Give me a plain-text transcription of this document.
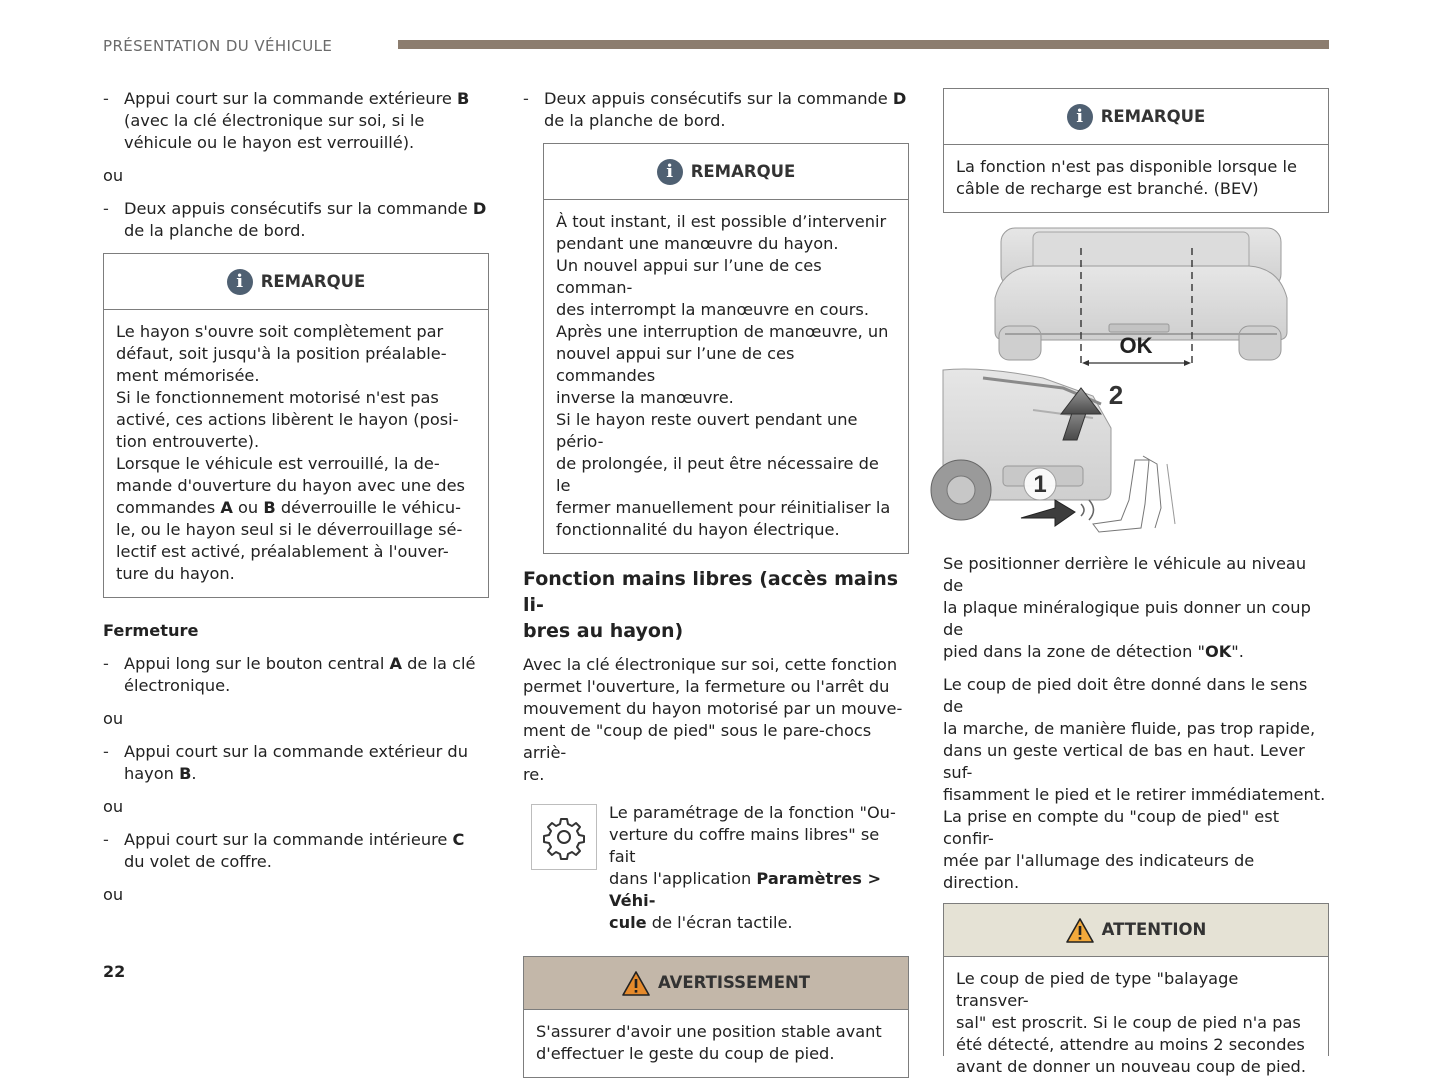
PRÉSENTATION DU VÉHICULE
- Appui court sur la commande extérieure B (avec la clé électronique sur soi, si le véhicule ou le hayon est verrouillé).
ou
- Deux appuis consécutifs sur la commande D de la planche de bord.
i	REMARQUE
Le hayon s'ouvre soit complètement par
défaut, soit jusqu'à la position préalable-
ment mémorisée.
Si le fonctionnement motorisé n'est pas
activé, ces actions libèrent le hayon (posi-
tion entrouverte).
Lorsque le véhicule est verrouillé, la de-
mande d'ouverture du hayon avec une des
commandes A ou B déverrouille le véhicu-
le, ou le hayon seul si le déverrouillage sé-
lectif est activé, préalablement à l'ouver-
ture du hayon.
Fermeture
- Appui long sur le bouton central A de la clé électronique.
ou
- Appui court sur la commande extérieur du hayon B.
ou
- Appui court sur la commande intérieure C du volet de coffre.
ou
- Deux appuis consécutifs sur la commande D de la planche de bord.
i	REMARQUE
À tout instant, il est possible d’intervenir
pendant une manœuvre du hayon.
Un nouvel appui sur l’une de ces comman-
des interrompt la manœuvre en cours.
Après une interruption de manœuvre, un
nouvel appui sur l’une de ces commandes
inverse la manœuvre.
Si le hayon reste ouvert pendant une pério-
de prolongée, il peut être nécessaire de le
fermer manuellement pour réinitialiser la
fonctionnalité du hayon électrique.
Fonction mains libres (accès mains li-
bres au hayon)
Avec la clé électronique sur soi, cette fonction
permet l'ouverture, la fermeture ou l'arrêt du
mouvement du hayon motorisé par un mouve-
ment de "coup de pied" sous le pare-chocs arriè-
re.
Le paramétrage de la fonction "Ou-
verture du coffre mains libres" se fait
dans l'application Paramètres > Véhi-
cule de l'écran tactile.
AVERTISSEMENT
S'assurer d'avoir une position stable avant
d'effectuer le geste du coup de pied.
i	REMARQUE
La fonction n'est pas disponible lorsque le
câble de recharge est branché. (BEV)
OK
2
1
Se positionner derrière le véhicule au niveau de
la plaque minéralogique puis donner un coup de
pied dans la zone de détection "OK".
Le coup de pied doit être donné dans le sens de
la marche, de manière fluide, pas trop rapide,
dans un geste vertical de bas en haut. Lever suf-
fisamment le pied et le retirer immédiatement.
La prise en compte du "coup de pied" est confir-
mée par l'allumage des indicateurs de direction.
ATTENTION
Le coup de pied de type "balayage transver-
sal" est proscrit. Si le coup de pied n'a pas
été détecté, attendre au moins 2 secondes
avant de donner un nouveau coup de pied.
22
